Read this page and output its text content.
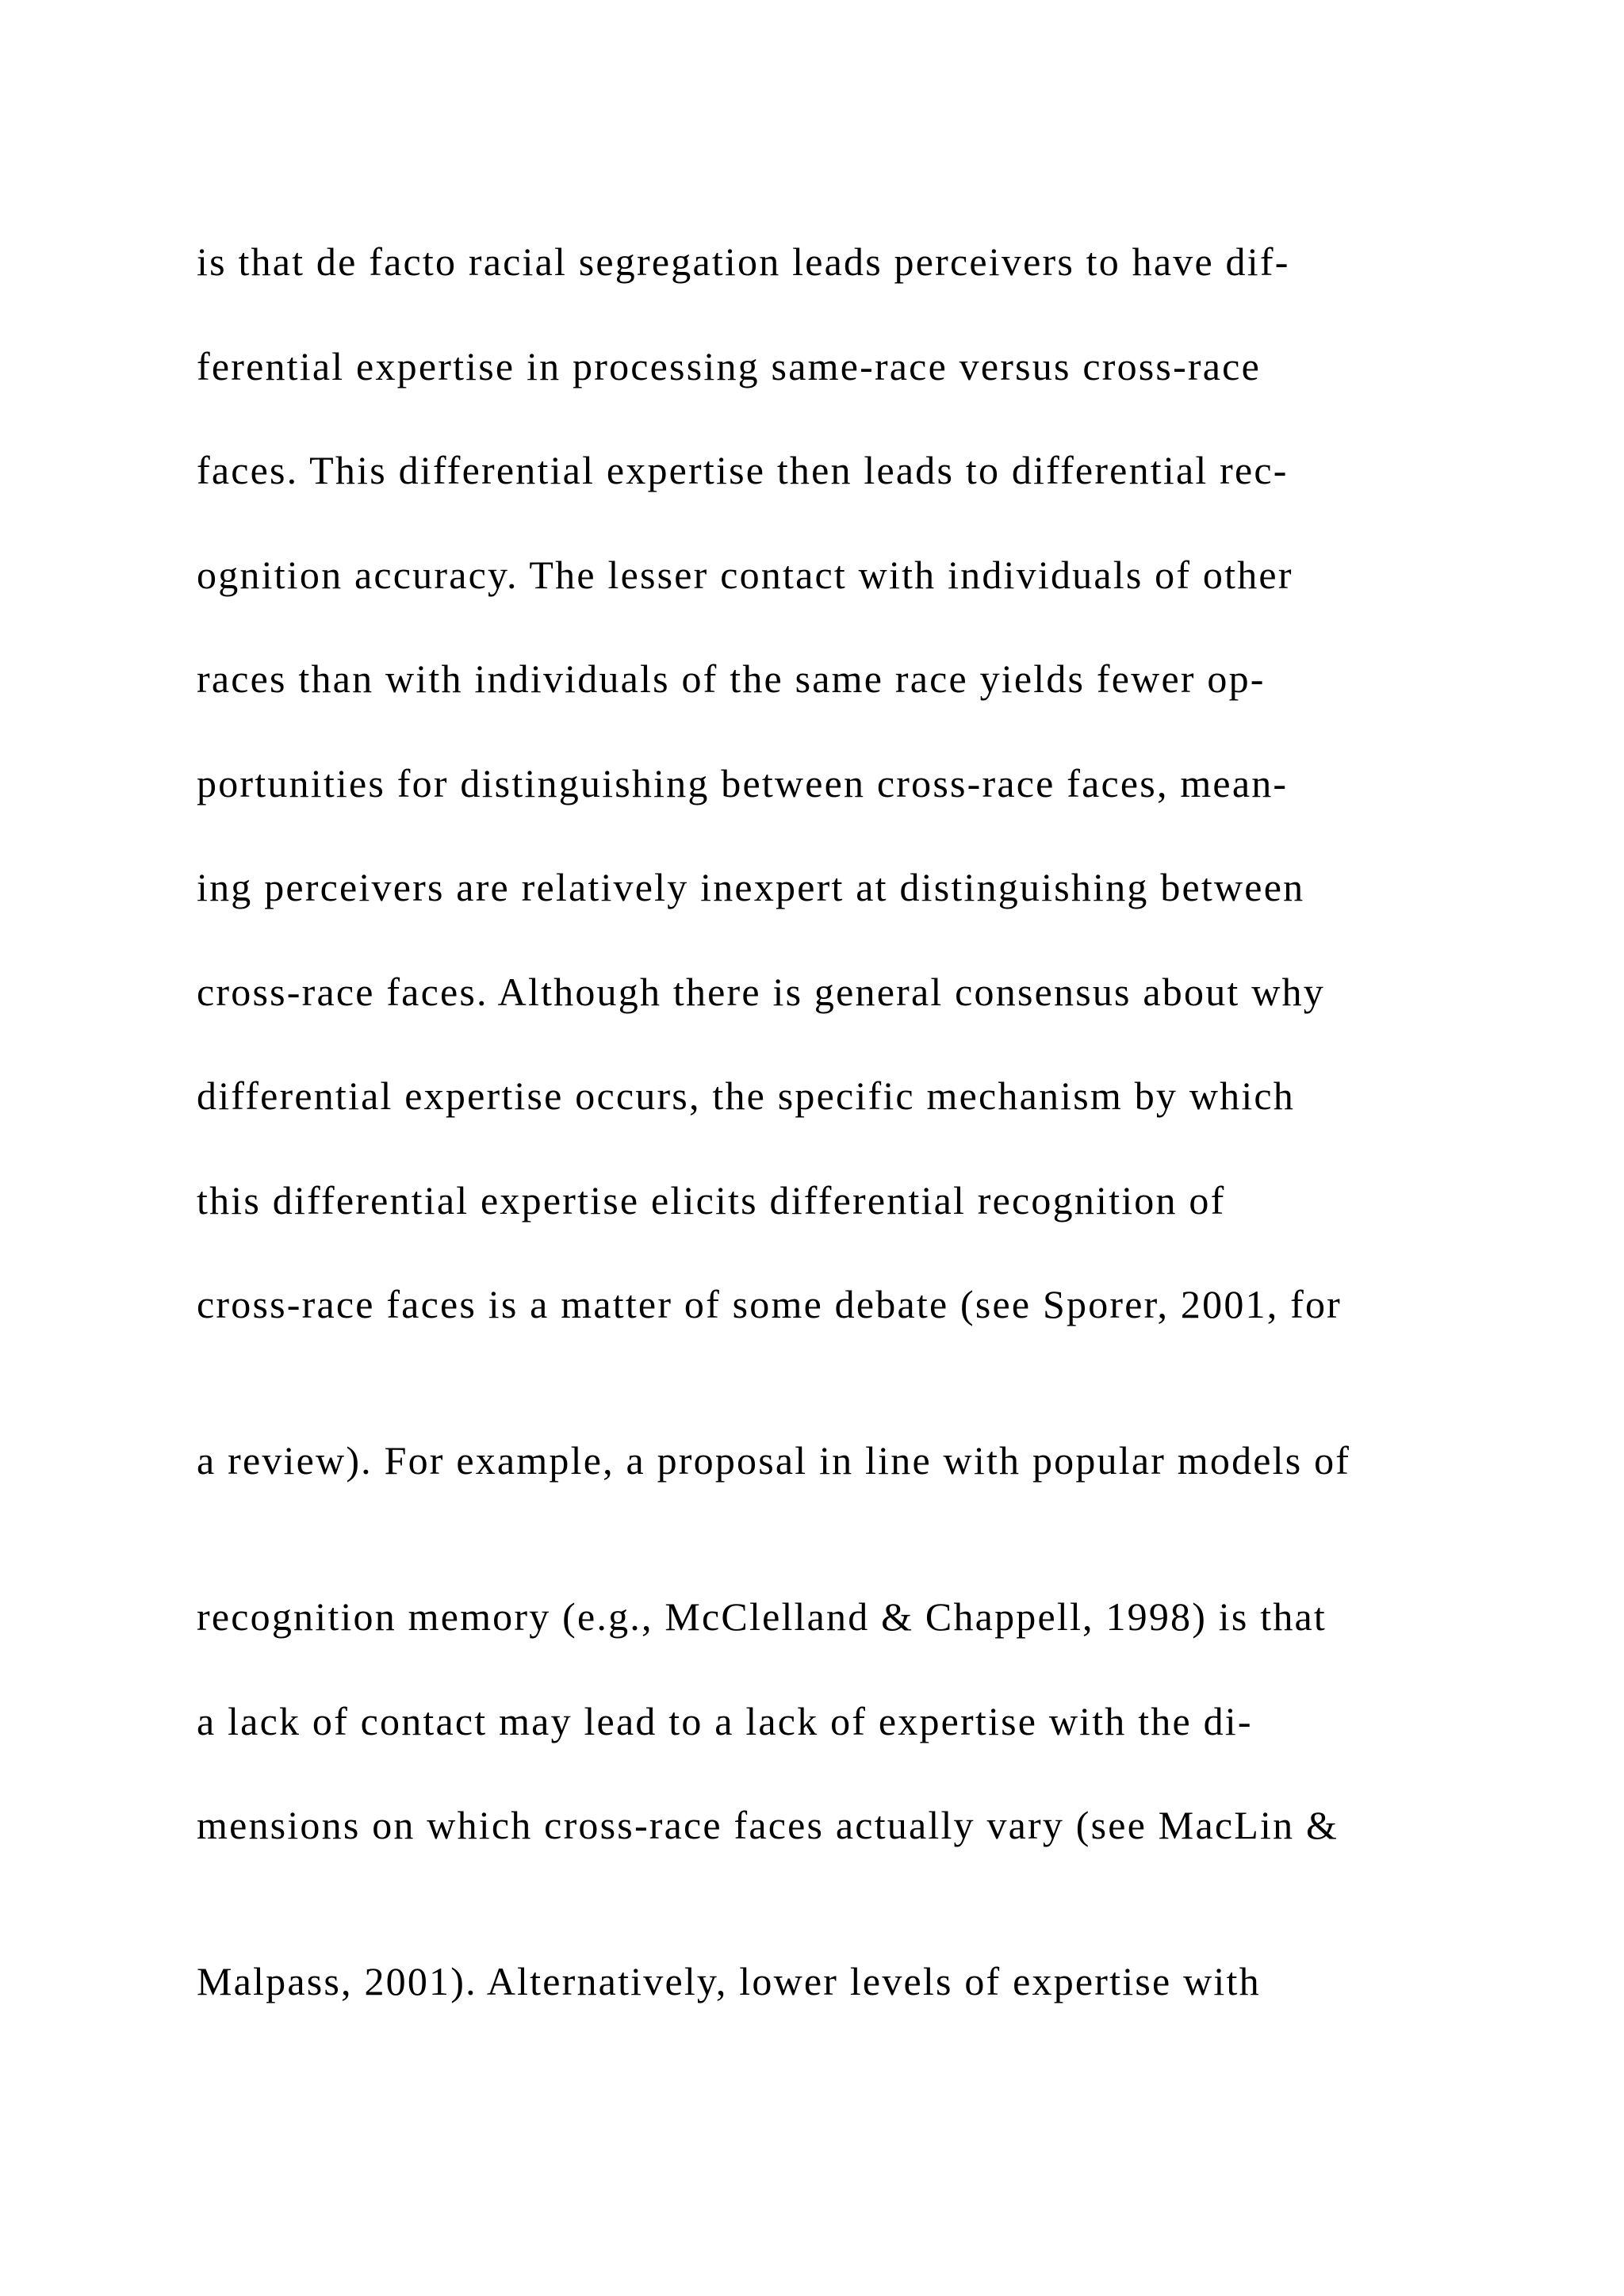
is that de facto racial segregation leads perceivers to have dif-
ferential expertise in processing same-race versus cross-race
faces. This differential expertise then leads to differential rec-
ognition accuracy. The lesser contact with individuals of other
races than with individuals of the same race yields fewer op-
portunities for distinguishing between cross-race faces, mean-
ing perceivers are relatively inexpert at distinguishing between
cross-race faces. Although there is general consensus about why
differential expertise occurs, the specific mechanism by which
this differential expertise elicits differential recognition of
cross-race faces is a matter of some debate (see Sporer, 2001, for
a review). For example, a proposal in line with popular models of
recognition memory (e.g., McClelland & Chappell, 1998) is that
a lack of contact may lead to a lack of expertise with the di-
mensions on which cross-race faces actually vary (see MacLin &
Malpass, 2001). Alternatively, lower levels of expertise with
